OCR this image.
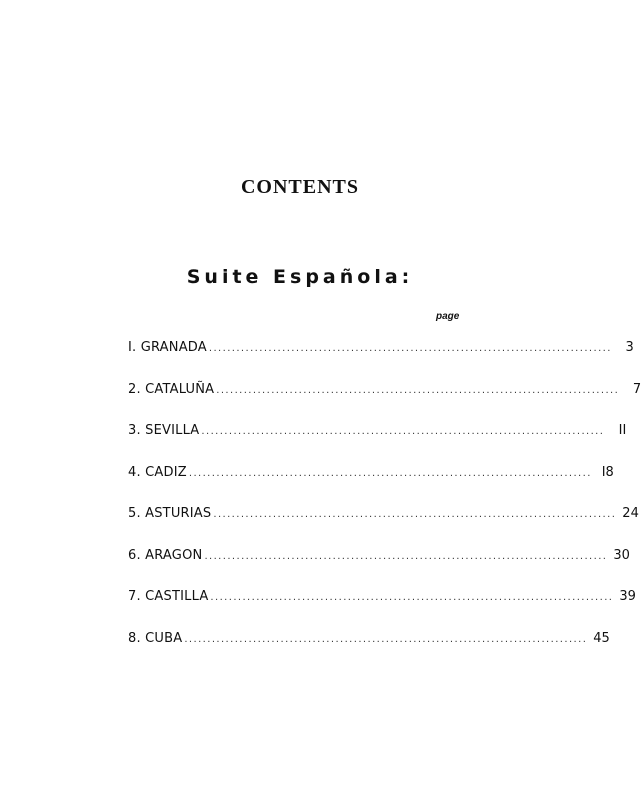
CONTENTS
Suite Española:
page
I. GRANADA ........................................................................................	3
2. CATALUÑA ........................................................................................	7
3. SEVILLA ........................................................................................	II
4. CADIZ ........................................................................................ I8
5. ASTURIAS ........................................................................................ 24
6. ARAGON ........................................................................................ 30
7. CASTILLA ........................................................................................ 39
8. CUBA ........................................................................................ 45
